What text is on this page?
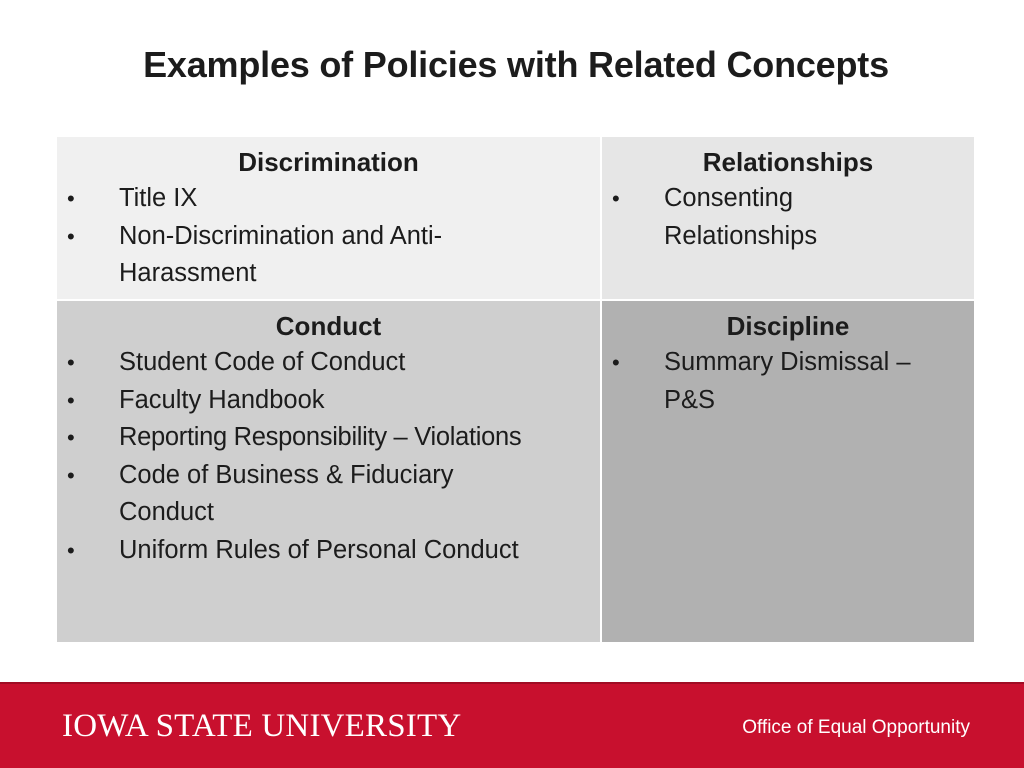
Examples of Policies with Related Concepts
Discrimination
• Title IX
• Non-Discrimination and Anti-Harassment
Relationships
• Consenting Relationships
Conduct
• Student Code of Conduct
• Faculty Handbook
• Reporting Responsibility – Violations
• Code of Business & Fiduciary Conduct
• Uniform Rules of Personal Conduct
Discipline
• Summary Dismissal – P&S
IOWA STATE UNIVERSITY	Office of Equal Opportunity
